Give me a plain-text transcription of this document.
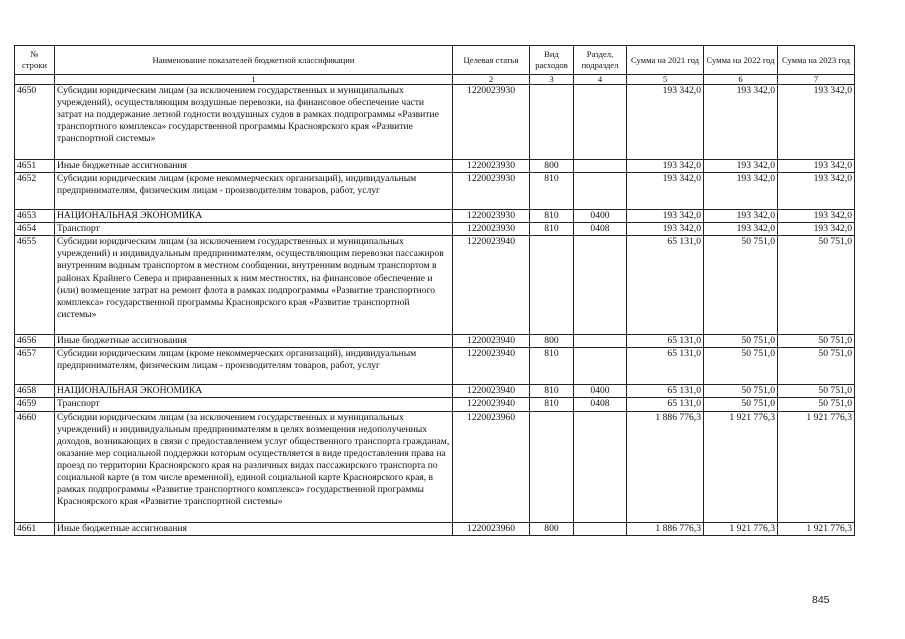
№ строки	Наименование показателей бюджетной классификации	Целевая статья	Вид расходов	Раздел, подраздел	Сумма на 2021 год	Сумма на 2022 год	Сумма на 2023 год
	1	2	3	4	5	6	7
4650	Субсидии юридическим лицам (за исключением государственных и муниципальных учреждений), осуществляющим воздушные перевозки, на финансовое обеспечение части затрат на поддержание летной годности воздушных судов в рамках подпрограммы «Развитие транспортного комплекса» государственной программы Красноярского края «Развитие транспортной системы»	1220023930			193 342,0	193 342,0	193 342,0
4651	Иные бюджетные ассигнования	1220023930	800		193 342,0	193 342,0	193 342,0
4652	Субсидии юридическим лицам (кроме некоммерческих организаций), индивидуальным предпринимателям, физическим лицам - производителям товаров, работ, услуг	1220023930	810		193 342,0	193 342,0	193 342,0
4653	НАЦИОНАЛЬНАЯ ЭКОНОМИКА	1220023930	810	0400	193 342,0	193 342,0	193 342,0
4654	Транспорт	1220023930	810	0408	193 342,0	193 342,0	193 342,0
4655	Субсидии юридическим лицам (за исключением государственных и муниципальных учреждений) и индивидуальным предпринимателям, осуществляющим перевозки пассажиров внутренним водным транспортом в местном сообщении, внутренним водным транспортом в районах Крайнего Севера и приравненных к ним местностях, на финансовое обеспечение и (или) возмещение затрат на ремонт флота в рамках подпрограммы «Развитие транспортного комплекса» государственной программы Красноярского края «Развитие транспортной системы»	1220023940			65 131,0	50 751,0	50 751,0
4656	Иные бюджетные ассигнования	1220023940	800		65 131,0	50 751,0	50 751,0
4657	Субсидии юридическим лицам (кроме некоммерческих организаций), индивидуальным предпринимателям, физическим лицам - производителям товаров, работ, услуг	1220023940	810		65 131,0	50 751,0	50 751,0
4658	НАЦИОНАЛЬНАЯ ЭКОНОМИКА	1220023940	810	0400	65 131,0	50 751,0	50 751,0
4659	Транспорт	1220023940	810	0408	65 131,0	50 751,0	50 751,0
4660	Субсидии юридическим лицам (за исключением государственных и муниципальных учреждений) и индивидуальным предпринимателям в целях возмещения недополученных доходов, возникающих в связи с предоставлением услуг общественного транспорта гражданам, оказание мер социальной поддержки которым осуществляется в виде предоставления права на проезд по территории Красноярского края на различных видах пассажирского транспорта по социальной карте (в том числе временной), единой социальной карте Красноярского края, в рамках подпрограммы «Развитие транспортного комплекса» государственной программы Красноярского края «Развитие транспортной системы»	1220023960			1 886 776,3	1 921 776,3	1 921 776,3
4661	Иные бюджетные ассигнования	1220023960	800		1 886 776,3	1 921 776,3	1 921 776,3
845
